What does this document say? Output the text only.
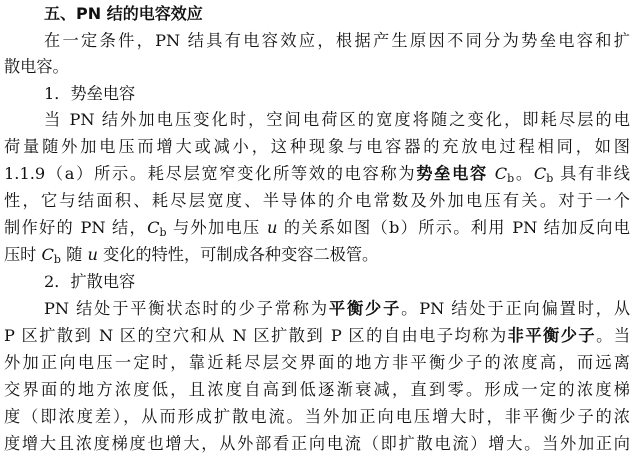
五、PN 结的电容效应
在一定条件，PN 结具有电容效应，根据产生原因不同分为势垒电容和扩
散电容。
1．势垒电容
当 PN 结外加电压变化时，空间电荷区的宽度将随之变化，即耗尽层的电
荷量随外加电压而增大或减小，这种现象与电容器的充放电过程相同，如图
1.1.9（a）所示。耗尽层宽窄变化所等效的电容称为势垒电容 $C_b$。$C_b$ 具有非线
性，它与结面积、耗尽层宽度、半导体的介电常数及外加电压有关。对于一个
制作好的 PN 结，$C_b$ 与外加电压 u 的关系如图（b）所示。利用 PN 结加反向电
压时 $C_b$ 随 u 变化的特性，可制成各种变容二极管。
2．扩散电容
PN 结处于平衡状态时的少子常称为平衡少子。PN 结处于正向偏置时，从
P 区扩散到 N 区的空穴和从 N 区扩散到 P 区的自由电子均称为非平衡少子。当
外加正向电压一定时，靠近耗尽层交界面的地方非平衡少子的浓度高，而远离
交界面的地方浓度低，且浓度自高到低逐渐衰减，直到零。形成一定的浓度梯
度（即浓度差），从而形成扩散电流。当外加正向电压增大时，非平衡少子的浓
度增大且浓度梯度也增大，从外部看正向电流（即扩散电流）增大。当外加正向
